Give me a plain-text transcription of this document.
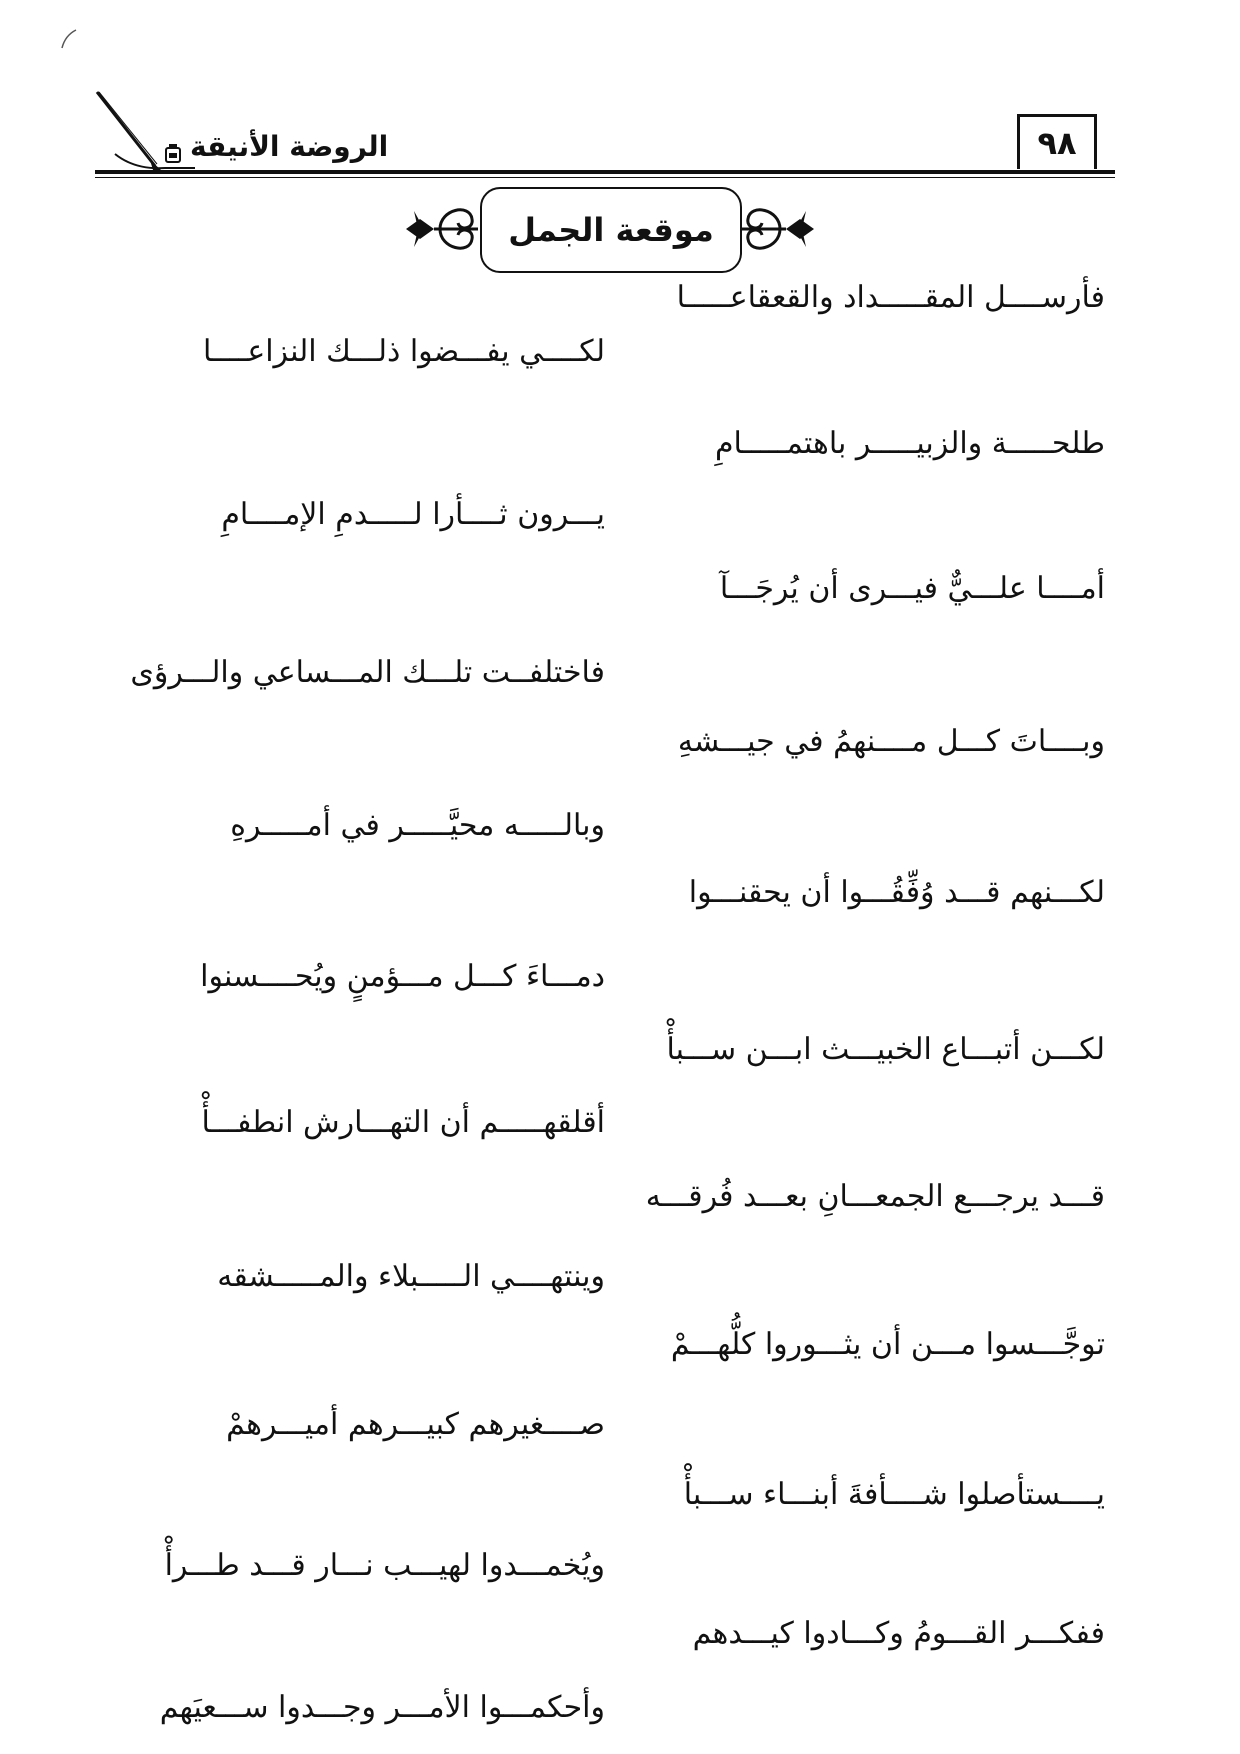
الروضة الأنيقة	٩٨
موقعة الجمل
فأرســــل المقـــــداد والقعقاعـــــا
لكــــي يفـــضوا ذلـــك النزاعــــا
طلحـــــة والزبيـــــر باهتمـــــامِ
يـــرون ثــــأرا لـــــدمِ الإمــــامِ
أمــــا علـــيٌّ فيـــرى أن يُرجَـــآ
فاختلفــت تلـــك المـــساعي والـــرؤى
وبــــاتَ كـــل مــــنهمُ في جيـــشهِ
وبالـــــه محيَّـــــر في أمـــــرهِ
لكـــنهم قـــد وُفِّقُـــوا أن يحقنـــوا
دمـــاءَ كـــل مـــؤمنٍ ويُحــــسنوا
لكـــن أتبـــاع الخبيـــث ابـــن ســـبأْ
أقلقهـــــم أن التهـــارش انطفـــأْ
قـــد يرجـــع الجمعـــانِ بعـــد فُرقـــه
وينتهــــي الـــــبلاء والمـــــشقه
توجَّـــسوا مـــن أن يثـــوروا كلُّهـــمْ
صــــغيرهم كبيـــرهم أميـــرهمْ
يــــستأصلوا شــــأفةَ أبنـــاء ســـبأْ
ويُخمـــدوا لهيـــب نـــار قـــد طـــرأْ
ففكـــر القـــومُ وكـــادوا كيـــدهم
وأحكمـــوا الأمـــر وجـــدوا ســـعيَهم
